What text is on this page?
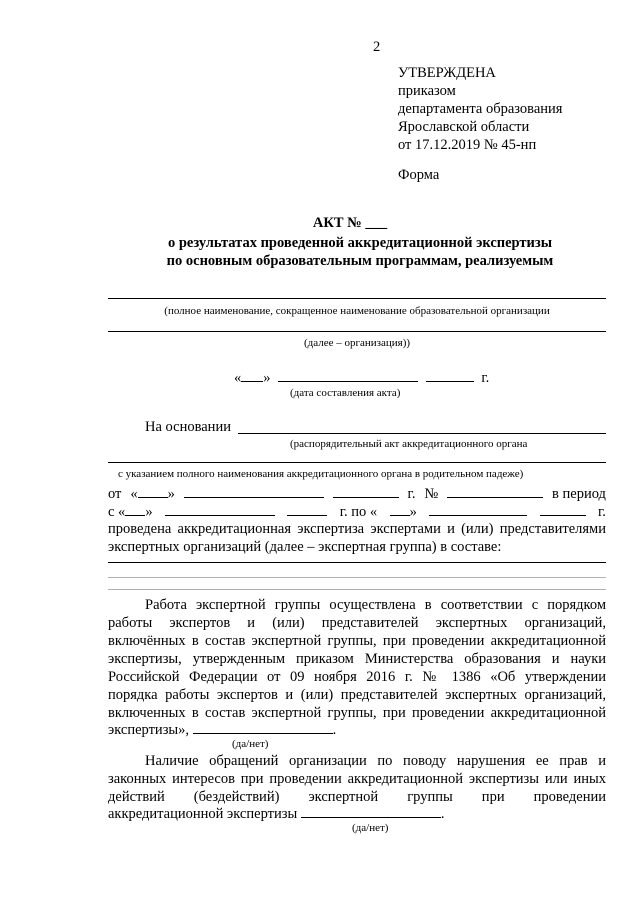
2
УТВЕРЖДЕНА
приказом
департамента образования
Ярославской области
от 17.12.2019 № 45-нп
Форма
АКТ № ___
о результатах проведенной аккредитационной экспертизы
по основным образовательным программам, реализуемым
(полное наименование, сокращенное наименование образовательной организации
(далее – организация))
« »	г.
(дата составления акта)
На основании
(распорядительный акт аккредитационного органа
с указанием полного наименования аккредитационного органа в родительном падеже)
от « »	г. №	в период
с « »	г. по «	»	г.
проведена аккредитационная экспертиза экспертами и (или) представителями
экспертных организаций (далее – экспертная группа) в составе:
Работа экспертной группы осуществлена в соответствии с порядком
работы экспертов и (или) представителей экспертных организаций,
включённых в состав экспертной группы, при проведении аккредитационной
экспертизы, утвержденным приказом Министерства образования и науки
Российской Федерации от 09 ноября 2016 г. № 1386 «Об утверждении
порядка работы экспертов и (или) представителей экспертных организаций,
включенных в состав экспертной группы, при проведении аккредитационной
экспертизы»,	.
(да/нет)
Наличие обращений организации по поводу нарушения ее прав и
законных интересов при проведении аккредитационной экспертизы или иных
действий (бездействий) экспертной группы при проведении
аккредитационной экспертизы	.
(да/нет)
